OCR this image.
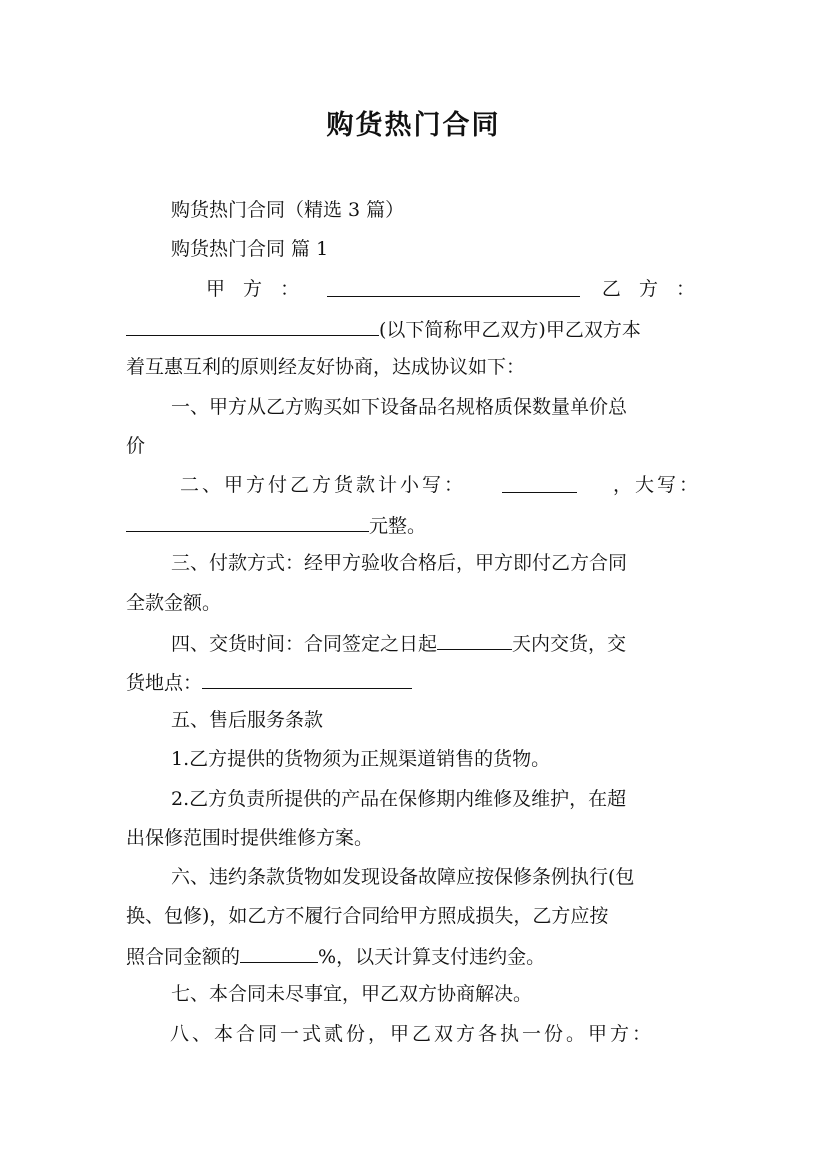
购货热门合同

购货热门合同（精选 3 篇）

购货热门合同 篇 1

甲 方 ：	乙 方 ：

(以下简称甲乙双方)甲乙双方本

着互惠互利的原则经友好协商，达成协议如下：

一、甲方从乙方购买如下设备品名规格质保数量单价总

价

二、甲方付乙方货款计小写：	，大写：

元整。

三、付款方式：经甲方验收合格后，甲方即付乙方合同

全款金额。

四、交货时间：合同签定之日起	天内交货，交

货地点：

五、售后服务条款

1.乙方提供的货物须为正规渠道销售的货物。

2.乙方负责所提供的产品在保修期内维修及维护，在超

出保修范围时提供维修方案。

六、违约条款货物如发现设备故障应按保修条例执行(包

换、包修)，如乙方不履行合同给甲方照成损失，乙方应按

照合同金额的	%，以天计算支付违约金。

七、本合同未尽事宜，甲乙双方协商解决。

八、本合同一式贰份，甲乙双方各执一份。甲方：
